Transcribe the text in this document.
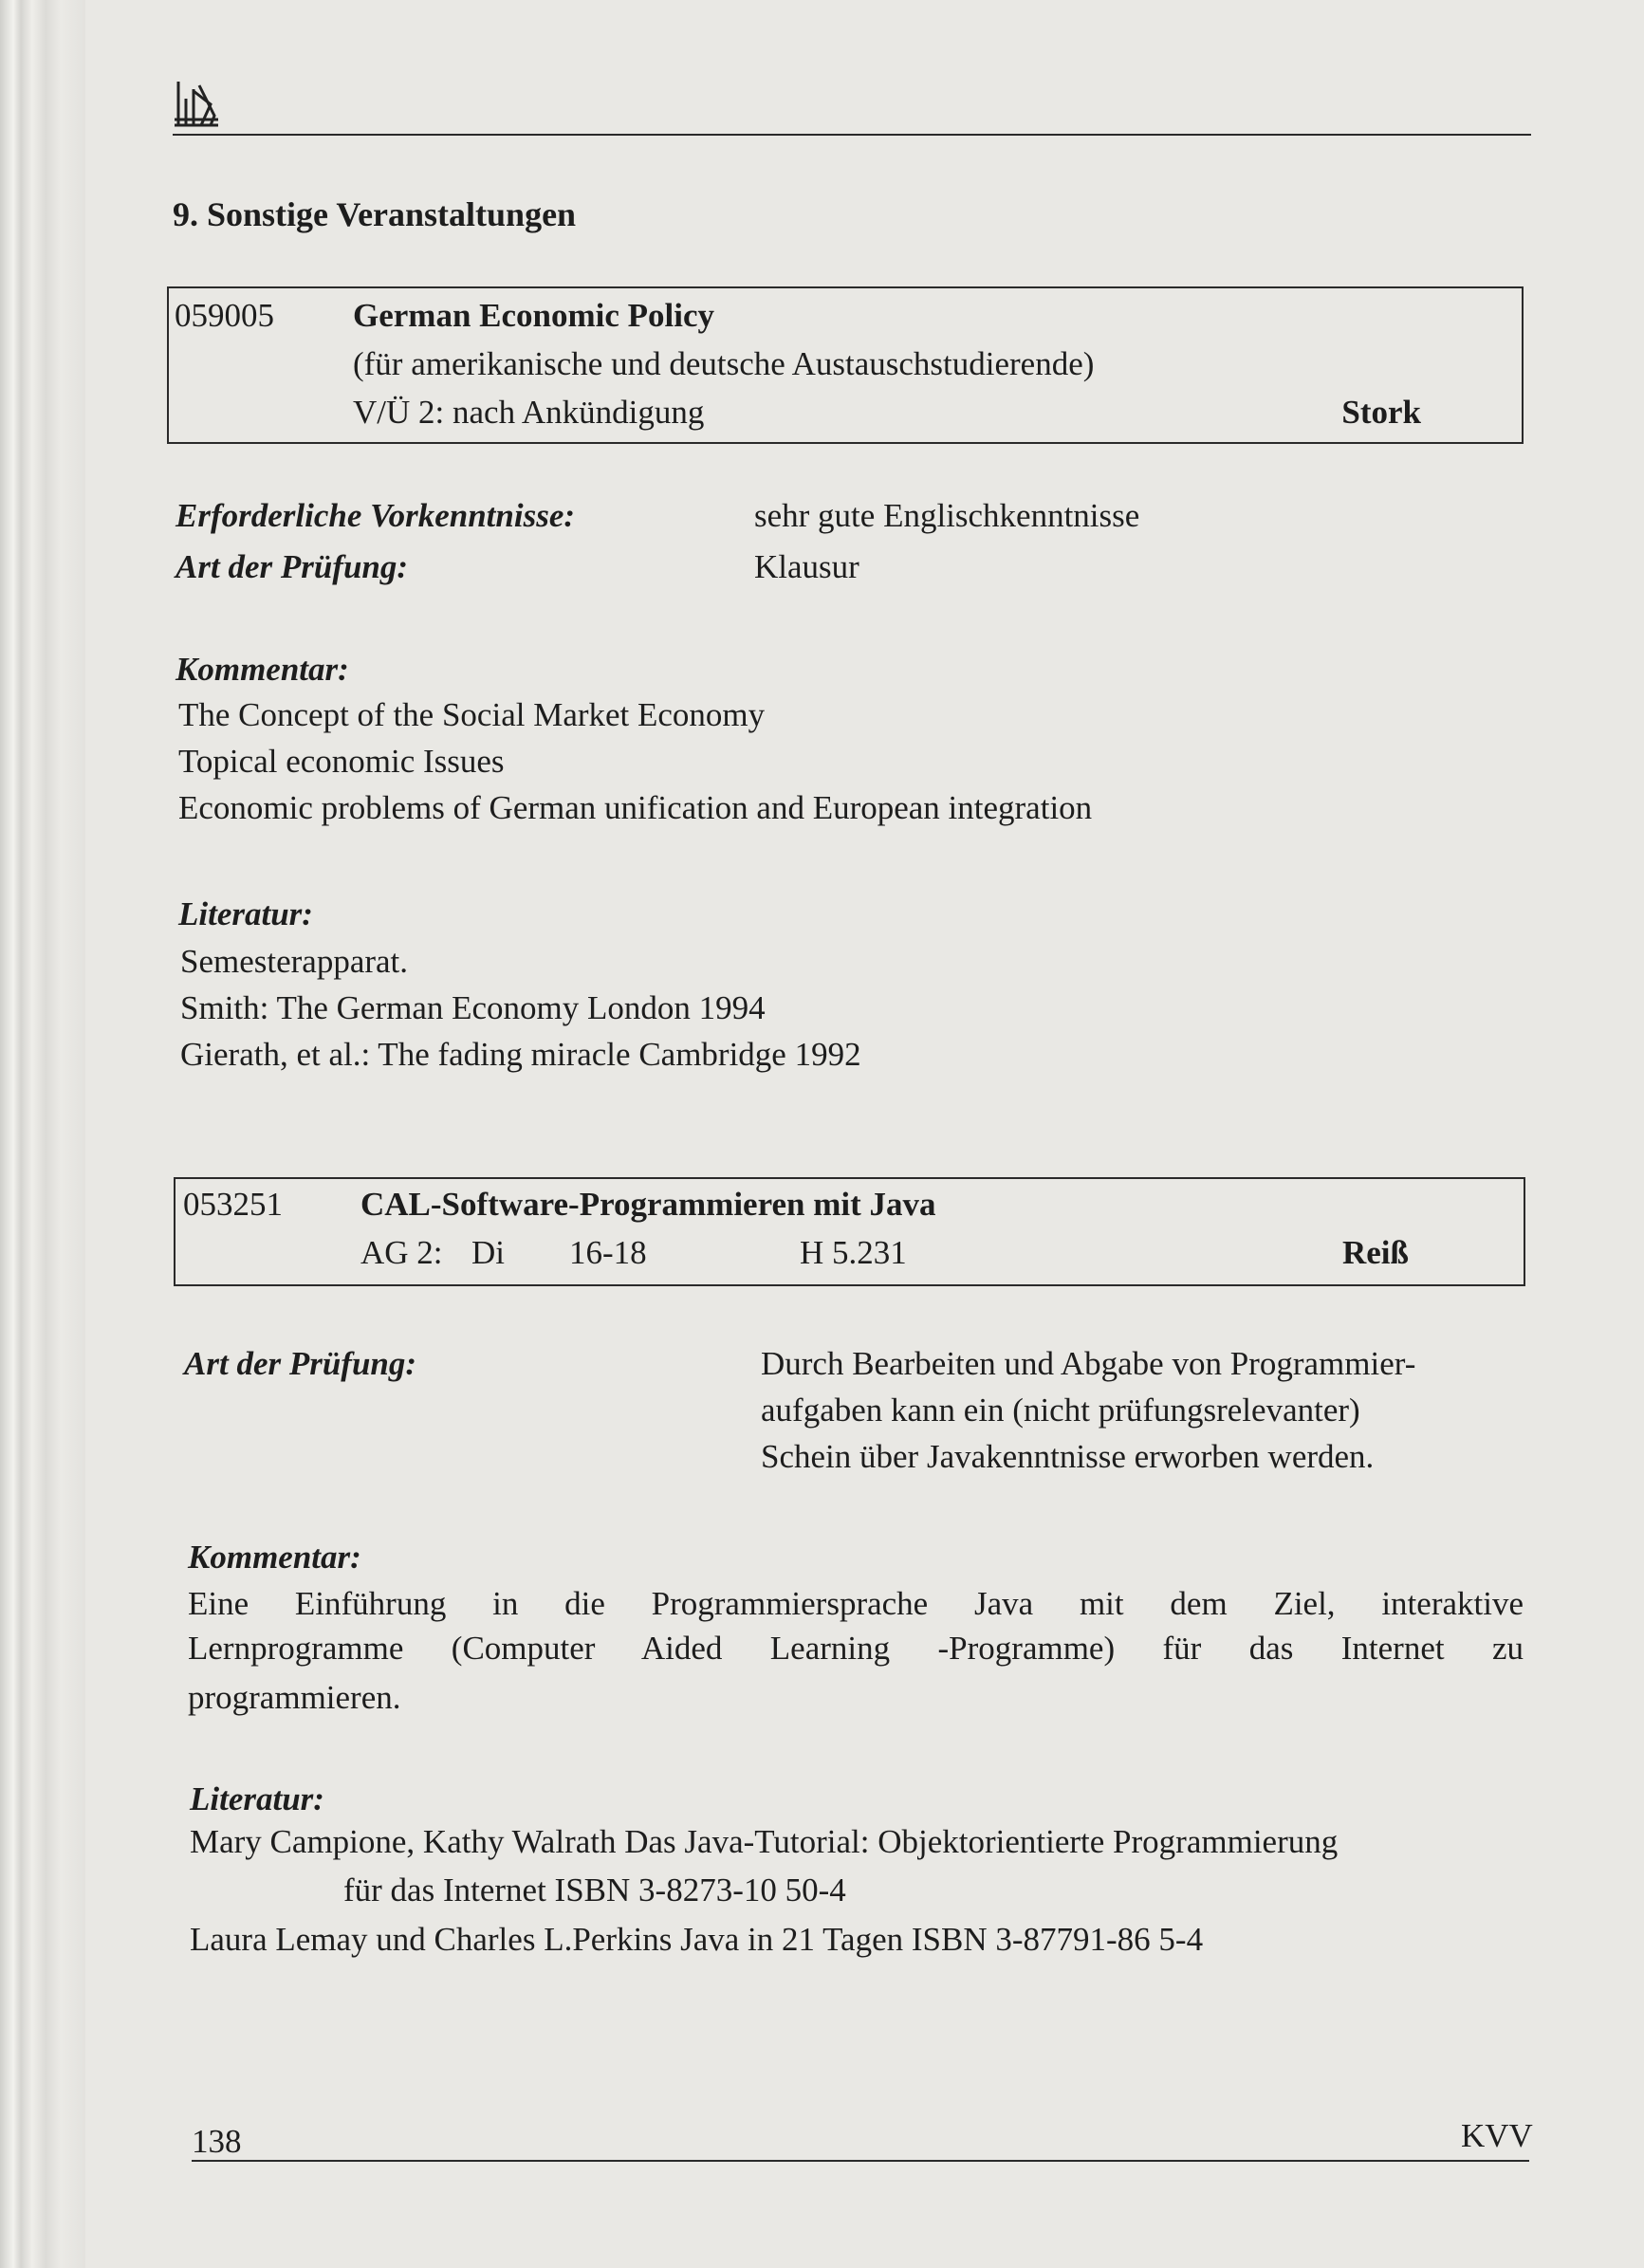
9. Sonstige Veranstaltungen
059005 German Economic Policy
(für amerikanische und deutsche Austauschstudierende)
V/Ü 2: nach Ankündigung	Stork
Erforderliche Vorkenntnisse:	sehr gute Englischkenntnisse
Art der Prüfung:	Klausur
Kommentar:
The Concept of the Social Market Economy
Topical economic Issues
Economic problems of German unification and European integration
Literatur:
Semesterapparat.
Smith: The German Economy London 1994
Gierath, et al.: The fading miracle Cambridge 1992
053251 CAL-Software-Programmieren mit Java
AG 2: Di 16-18	H 5.231	Reiß
Art der Prüfung:	Durch Bearbeiten und Abgabe von Programmier-
aufgaben kann ein (nicht prüfungsrelevanter)
Schein über Javakenntnisse erworben werden.
Kommentar:
Eine Einführung in die Programmiersprache Java mit dem Ziel, interaktive
Lernprogramme (Computer Aided Learning -Programme) für das Internet zu
programmieren.
Literatur:
Mary Campione, Kathy Walrath Das Java-Tutorial: Objektorientierte Programmierung
für das Internet ISBN 3-8273-10 50-4
Laura Lemay und Charles L.Perkins Java in 21 Tagen ISBN 3-87791-86 5-4
138	KVV
